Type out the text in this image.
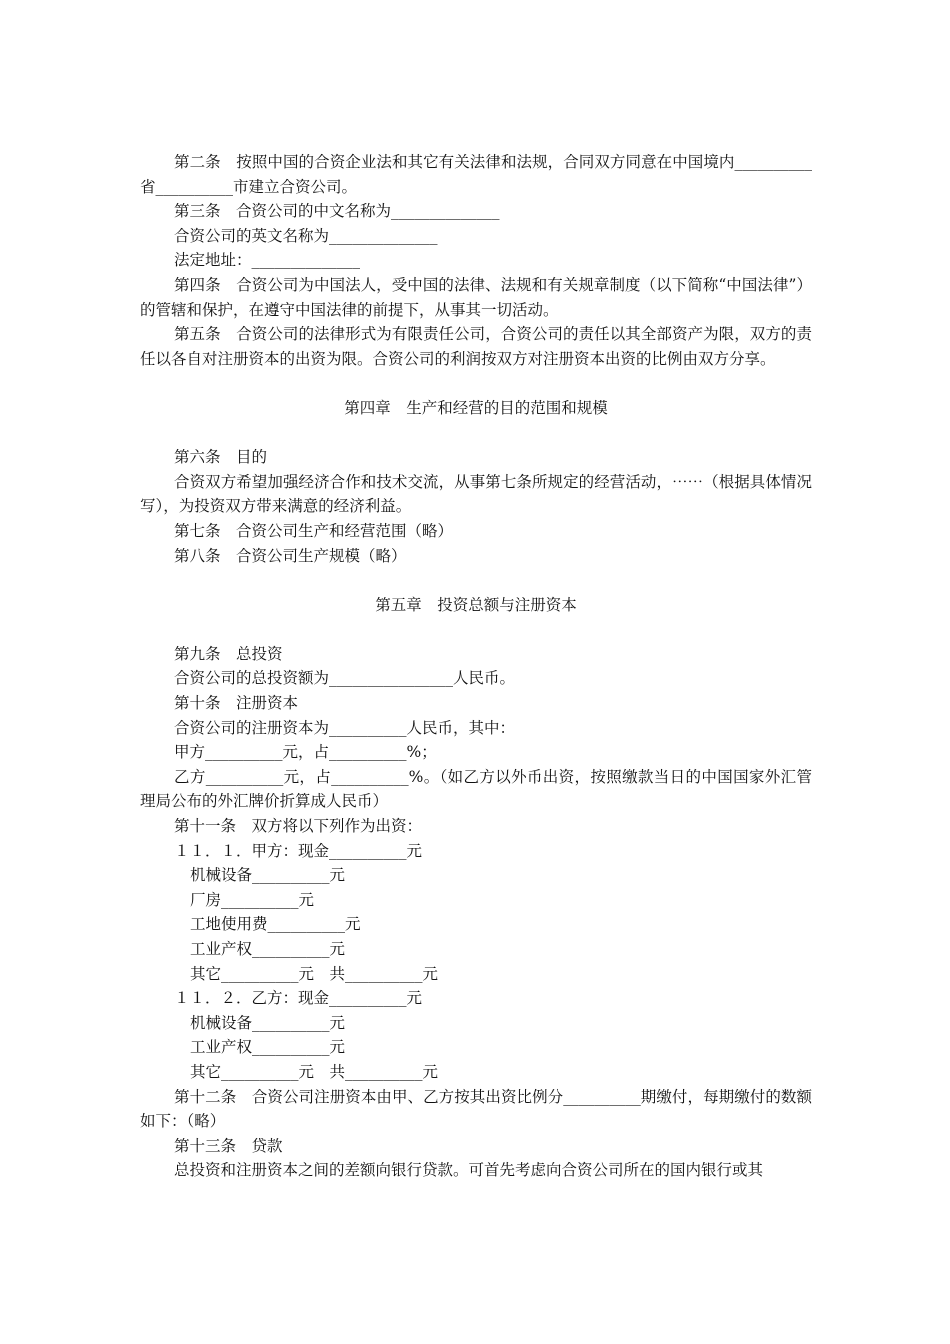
第二条　按照中国的合资企业法和其它有关法律和法规，合同双方同意在中国境内__________省__________市建立合资公司。

第三条　合资公司的中文名称为______________

合资公司的英文名称为______________

法定地址：______________

第四条　合资公司为中国法人，受中国的法律、法规和有关规章制度（以下简称“中国法律”）的管辖和保护，在遵守中国法律的前提下，从事其一切活动。

第五条　合资公司的法律形式为有限责任公司，合资公司的责任以其全部资产为限，双方的责任以各自对注册资本的出资为限。合资公司的利润按双方对注册资本出资的比例由双方分享。

第四章　生产和经营的目的范围和规模

第六条　目的

合资双方希望加强经济合作和技术交流，从事第七条所规定的经营活动，⋯⋯（根据具体情况写），为投资双方带来满意的经济利益。

第七条　合资公司生产和经营范围（略）

第八条　合资公司生产规模（略）

第五章　投资总额与注册资本

第九条　总投资

合资公司的总投资额为________________人民币。

第十条　注册资本

合资公司的注册资本为__________人民币，其中：

甲方__________元，占__________%；

乙方__________元，占__________%。（如乙方以外币出资，按照缴款当日的中国国家外汇管理局公布的外汇牌价折算成人民币）

第十一条　双方将以下列作为出资：

１１．１．甲方：现金__________元

机械设备__________元

厂房__________元

工地使用费__________元

工业产权__________元

其它__________元　共__________元

１１．２．乙方：现金__________元

机械设备__________元

工业产权__________元

其它__________元　共__________元

第十二条　合资公司注册资本由甲、乙方按其出资比例分__________期缴付，每期缴付的数额如下：（略）

第十三条　贷款

总投资和注册资本之间的差额向银行贷款。可首先考虑向合资公司所在的国内银行或其
